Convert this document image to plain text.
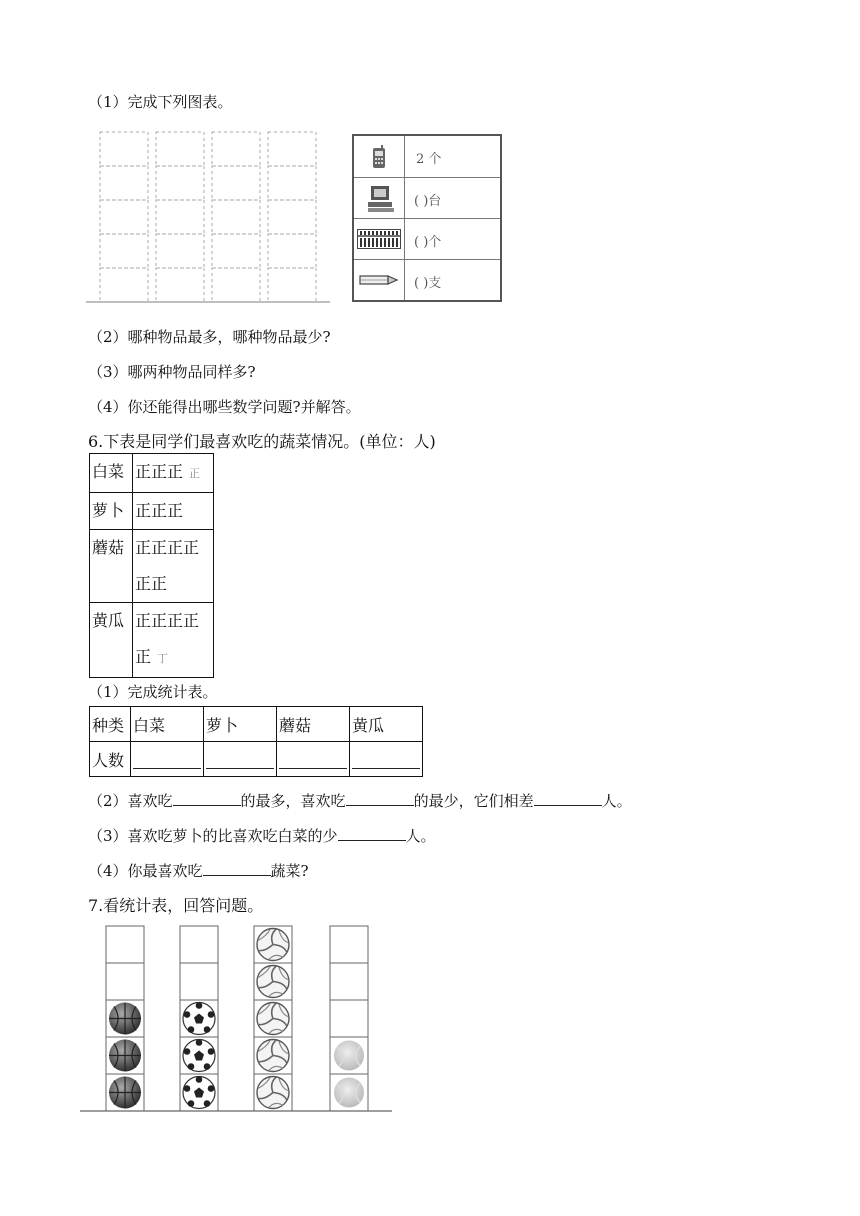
（1）完成下列图表。
2 个
( )台
( )个
( )支
（2）哪种物品最多，哪种物品最少?
（3）哪两种物品同样多?
（4）你还能得出哪些数学问题?并解答。
6.下表是同学们最喜欢吃的蔬菜情况。(单位：人)
白菜	正正正 正
萝卜	正正正
蘑菇	正正正正
正正

黄瓜	正正正正
正 丁
（1）完成统计表。
种类	白菜	萝卜	蘑菇	黄瓜
人数	

（2）喜欢吃	的最多，喜欢吃	的最少，它们相差	人。
（3）喜欢吃萝卜的比喜欢吃白菜的少	人。
（4）你最喜欢吃	蔬菜?
7.看统计表，回答问题。
